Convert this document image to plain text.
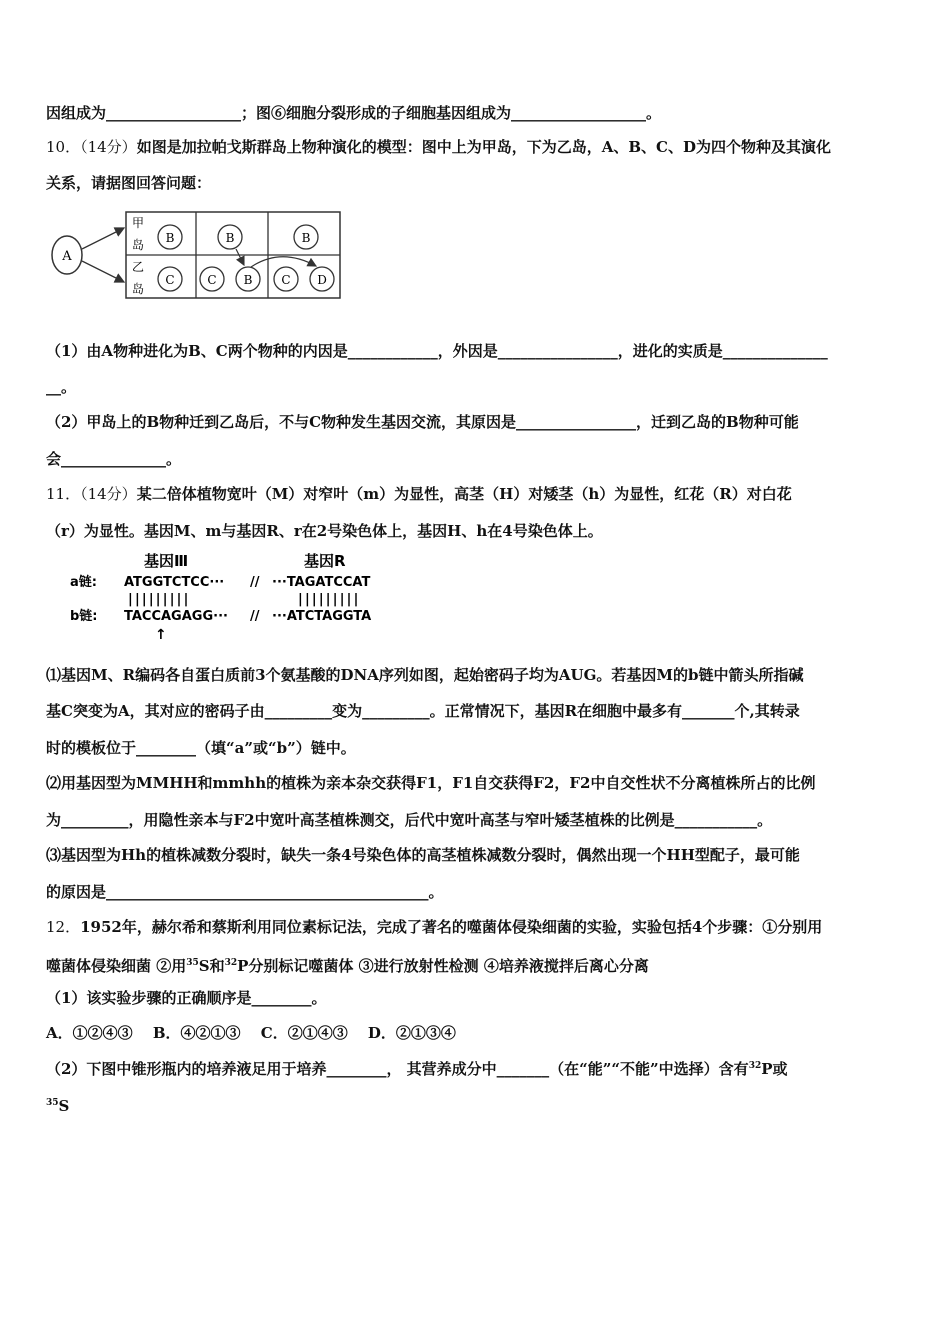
因组成为__________________；图⑥细胞分裂形成的子细胞基因组成为__________________。
10．（14分）如图是加拉帕戈斯群岛上物种演化的模型：图中上为甲岛，下为乙岛，A、B、C、D为四个物种及其演化
关系，请据图回答问题：
A
甲
岛
乙
岛
B	B	B
C	C B C D
（1）由A物种进化为B、C两个物种的内因是____________，外因是________________，进化的实质是______________
__。
（2）甲岛上的B物种迁到乙岛后，不与C物种发生基因交流，其原因是________________，迁到乙岛的B物种可能
会______________。
11．（14分）某二倍体植物宽叶（M）对窄叶（m）为显性，高茎（H）对矮茎（h）为显性，红花（R）对白花
（r）为显性。基因M、m与基因R、r在2号染色体上，基因H、h在4号染色体上。
基因Ⅲ	基因R
a链: ATGGTCTCC··· // ···TAGATCCAT
|||||||||	|||||||||
b链: TACCAGAGG··· // ···ATCTAGGTA
↑
⑴基因M、R编码各自蛋白质前3个氨基酸的DNA序列如图，起始密码子均为AUG。若基因M的b链中箭头所指碱
基C突变为A，其对应的密码子由_________变为_________。正常情况下，基因R在细胞中最多有_______个,其转录
时的模板位于________（填“a”或“b”）链中。
⑵用基因型为MMHH和mmhh的植株为亲本杂交获得F1，F1自交获得F2，F2中自交性状不分离植株所占的比例
为_________，用隐性亲本与F2中宽叶高茎植株测交，后代中宽叶高茎与窄叶矮茎植株的比例是___________。
⑶基因型为Hh的植株减数分裂时，缺失一条4号染色体的高茎植株减数分裂时，偶然出现一个HH型配子，最可能
的原因是___________________________________________。
12．1952年，赫尔希和蔡斯利用同位素标记法，完成了著名的噬菌体侵染细菌的实验，实验包括4个步骤：①分别用
噬菌体侵染细菌 ②用$^{35}$S和$^{32}$P分别标记噬菌体 ③进行放射性检测 ④培养液搅拌后离心分离
（1）该实验步骤的正确顺序是________。
A．①②④③　 B．④②①③　 C．②①④③　 D．②①③④
（2）下图中锥形瓶内的培养液足用于培养________， 其营养成分中_______（在“能”“不能”中选择）含有$^{32}$P或
$^{35}$S
